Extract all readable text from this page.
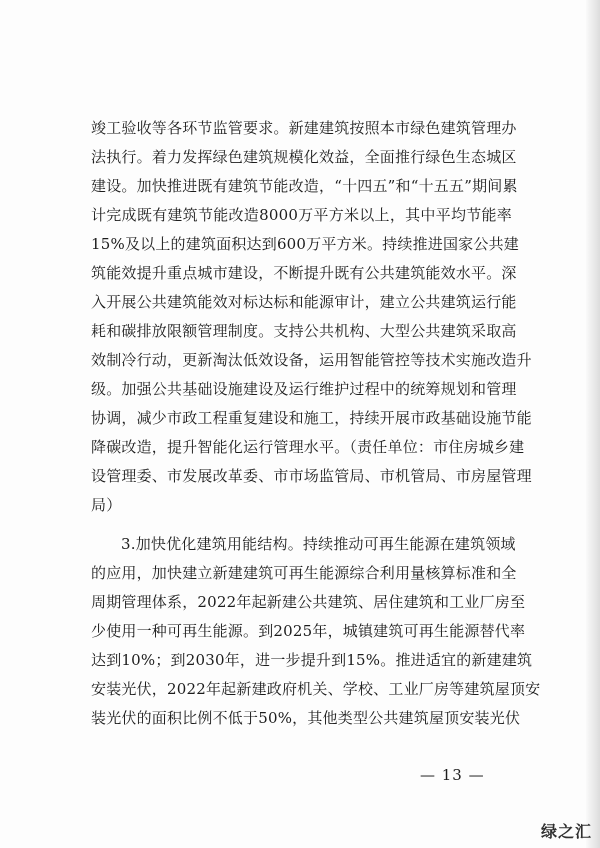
竣工验收等各环节监管要求。新建建筑按照本市绿色建筑管理办
法执行。着力发挥绿色建筑规模化效益，全面推行绿色生态城区
建设。加快推进既有建筑节能改造，“十四五”和“十五五”期间累
计完成既有建筑节能改造8000万平方米以上，其中平均节能率
15%及以上的建筑面积达到600万平方米。持续推进国家公共建
筑能效提升重点城市建设，不断提升既有公共建筑能效水平。深
入开展公共建筑能效对标达标和能源审计，建立公共建筑运行能
耗和碳排放限额管理制度。支持公共机构、大型公共建筑采取高
效制冷行动，更新淘汰低效设备，运用智能管控等技术实施改造升
级。加强公共基础设施建设及运行维护过程中的统筹规划和管理
协调，减少市政工程重复建设和施工，持续开展市政基础设施节能
降碳改造，提升智能化运行管理水平。（责任单位：市住房城乡建
设管理委、市发展改革委、市市场监管局、市机管局、市房屋管理
局）
3.加快优化建筑用能结构。持续推动可再生能源在建筑领域
的应用，加快建立新建建筑可再生能源综合利用量核算标准和全
周期管理体系，2022年起新建公共建筑、居住建筑和工业厂房至
少使用一种可再生能源。到2025年，城镇建筑可再生能源替代率
达到10%；到2030年，进一步提升到15%。推进适宜的新建建筑
安装光伏，2022年起新建政府机关、学校、工业厂房等建筑屋顶安
装光伏的面积比例不低于50%，其他类型公共建筑屋顶安装光伏
— 13 —
绿之汇
